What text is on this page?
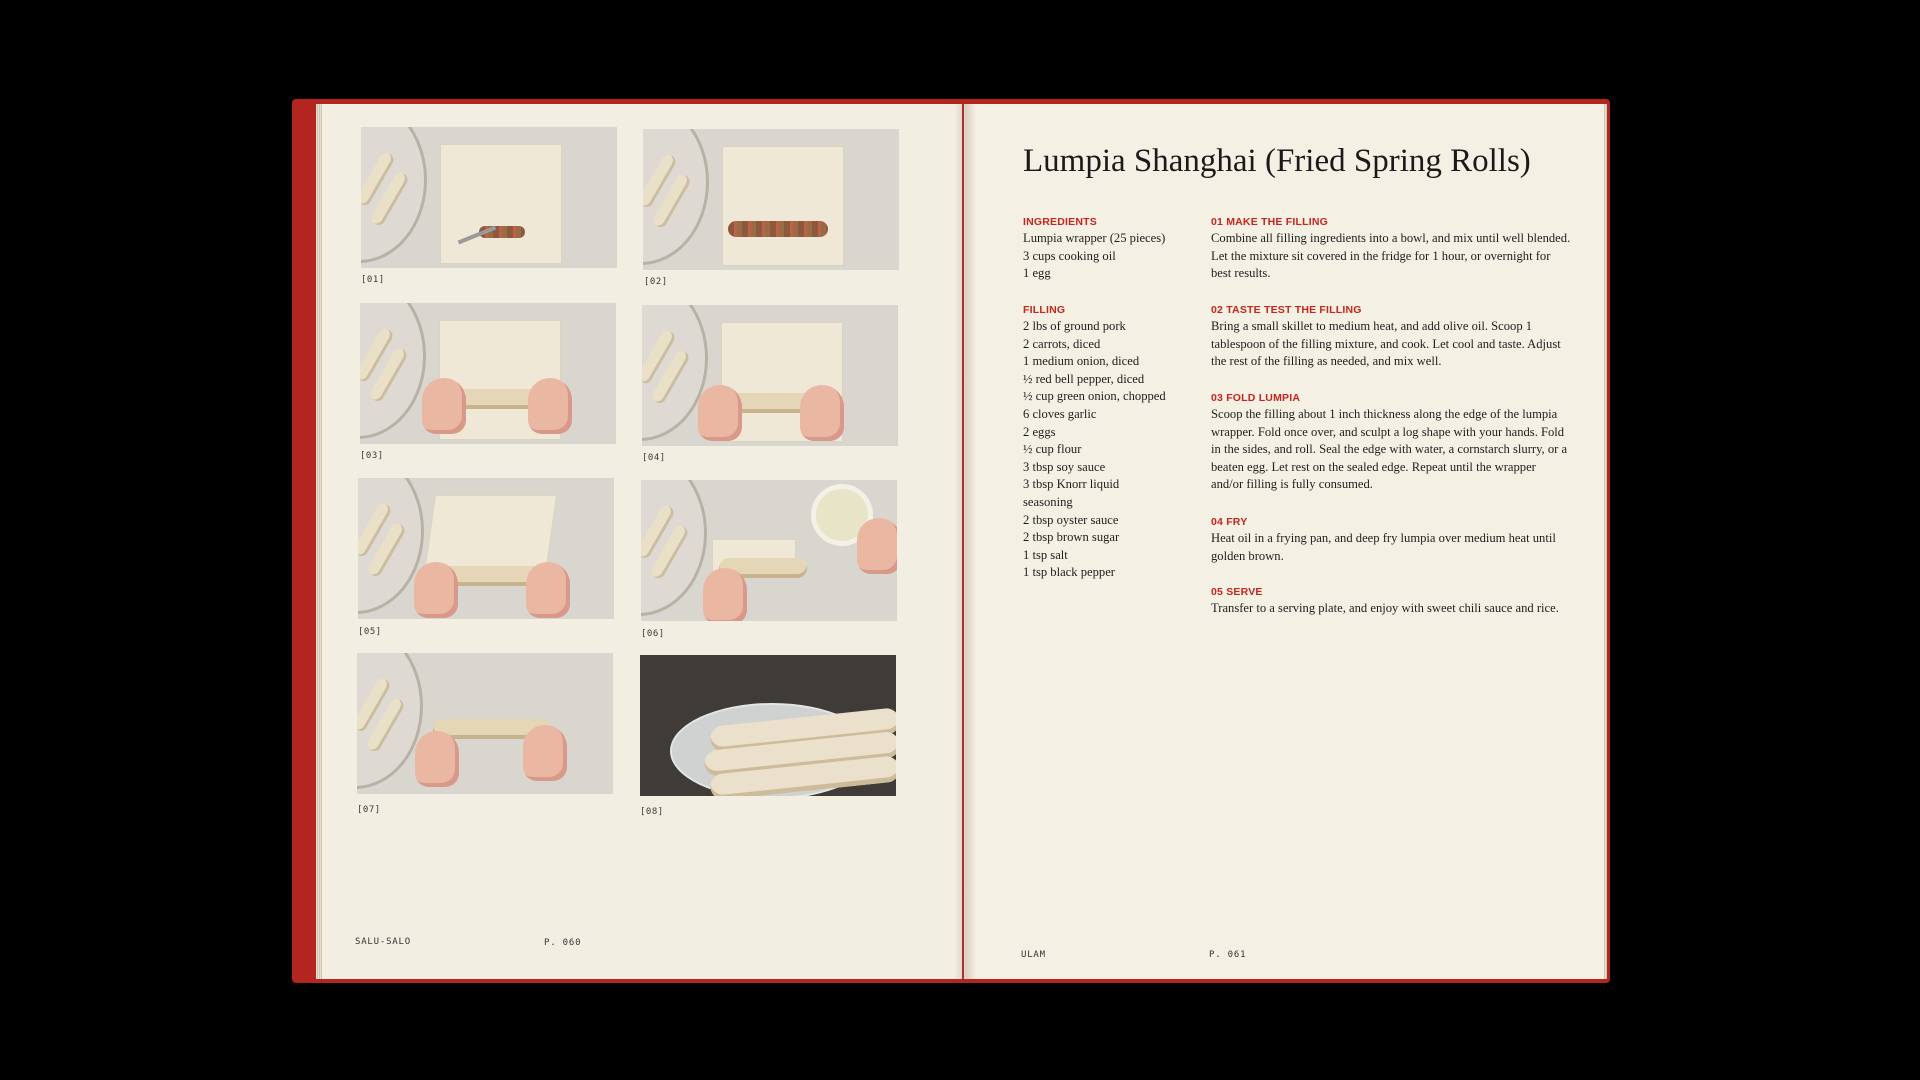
[01]	[02]
[03]	[04]
[05]	[06]
[07]	[08]
SALU-SALO	P. 060
Lumpia Shanghai (Fried Spring Rolls)
INGREDIENTS
Lumpia wrapper (25 pieces)
3 cups cooking oil
1 egg
FILLING
2 lbs of ground pork
2 carrots, diced
1 medium onion, diced
½ red bell pepper, diced
½ cup green onion, chopped
6 cloves garlic
2 eggs
½ cup flour
3 tbsp soy sauce
3 tbsp Knorr liquid
seasoning
2 tbsp oyster sauce
2 tbsp brown sugar
1 tsp salt
1 tsp black pepper
01 MAKE THE FILLING

Combine all filling ingredients into a bowl, and mix until well blended. Let the mixture sit covered in the fridge for 1 hour, or overnight for best results.

02 TASTE TEST THE FILLING

Bring a small skillet to medium heat, and add olive oil. Scoop 1 tablespoon of the filling mixture, and cook. Let cool and taste. Adjust the rest of the filling as needed, and mix well.

03 FOLD LUMPIA

Scoop the filling about 1 inch thickness along the edge of the lumpia wrapper. Fold once over, and sculpt a log shape with your hands. Fold in the sides, and roll. Seal the edge with water, a cornstarch slurry, or a beaten egg. Let rest on the sealed edge. Repeat until the wrapper and/or filling is fully consumed.

04 FRY

Heat oil in a frying pan, and deep fry lumpia over medium heat until golden brown.

05 SERVE

Transfer to a serving plate, and enjoy with sweet chili sauce and rice.

ULAM	P. 061
